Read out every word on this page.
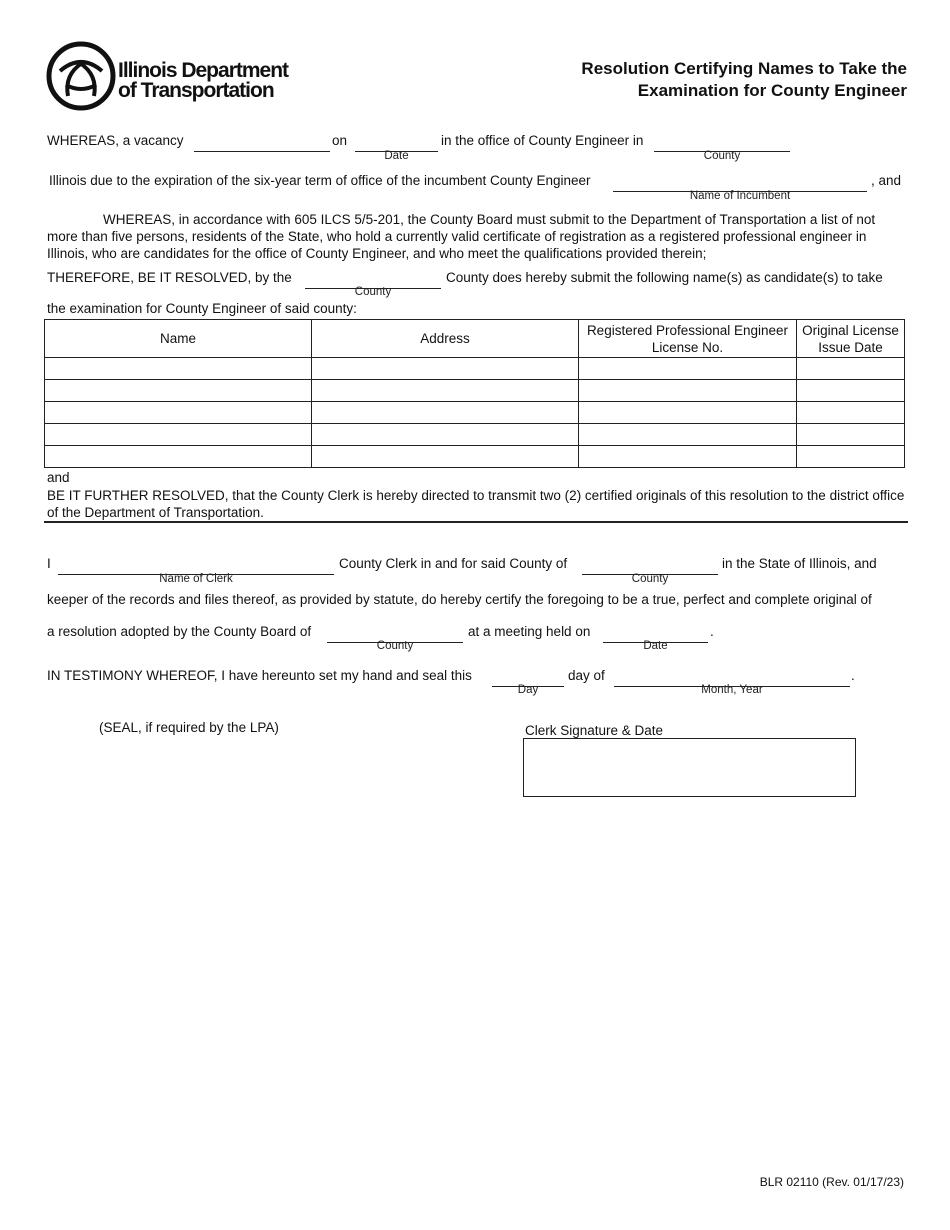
Illinois Department
of Transportation
Resolution Certifying Names to Take the
Examination for County Engineer
WHEREAS, a vacancy	on
Date
in the office of County Engineer in
County
Illinois due to the expiration of the six-year term of office of the incumbent County Engineer
Name of Incumbent
, and
WHEREAS, in accordance with 605 ILCS 5/5-201, the County Board must submit to the Department of Transportation a list of not more than five persons, residents of the State, who hold a currently valid certificate of registration as a registered professional engineer in Illinois, who are candidates for the office of County Engineer, and who meet the qualifications provided therein;
THEREFORE, BE IT RESOLVED, by the
County
County does hereby submit the following name(s) as candidate(s) to take
the examination for County Engineer of said county:
Name	Address	Registered Professional Engineer License No.	Original License Issue Date

and
BE IT FURTHER RESOLVED, that the County Clerk is hereby directed to transmit two (2) certified originals of this resolution to the district office of the Department of Transportation.
I
Name of Clerk
County Clerk in and for said County of
County
in the State of Illinois, and
keeper of the records and files thereof, as provided by statute, do hereby certify the foregoing to be a true, perfect and complete original of
a resolution adopted by the County Board of
County
at a meeting held on
Date
.
IN TESTIMONY WHEREOF, I have hereunto set my hand and seal this
Day
day of
Month, Year
.
(SEAL, if required by the LPA)	Clerk Signature & Date
BLR 02110 (Rev. 01/17/23)
